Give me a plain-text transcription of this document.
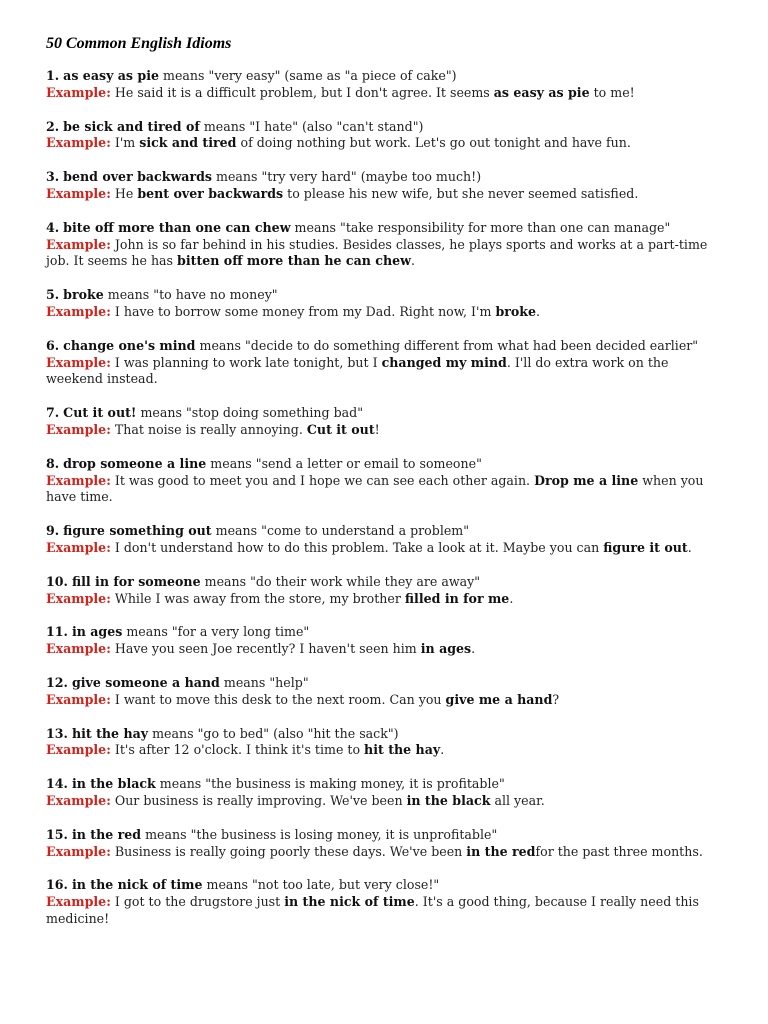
50 Common English Idioms
1. as easy as pie means "very easy" (same as "a piece of cake")
Example: He said it is a difficult problem, but I don't agree. It seems as easy as pie to me!
2. be sick and tired of means "I hate" (also "can't stand")
Example: I'm sick and tired of doing nothing but work. Let's go out tonight and have fun.
3. bend over backwards means "try very hard" (maybe too much!)
Example: He bent over backwards to please his new wife, but she never seemed satisfied.
4. bite off more than one can chew means "take responsibility for more than one can manage"
Example: John is so far behind in his studies. Besides classes, he plays sports and works at a part-time job. It seems he has bitten off more than he can chew.
5. broke means "to have no money"
Example: I have to borrow some money from my Dad. Right now, I'm broke.
6. change one's mind means "decide to do something different from what had been decided earlier"
Example: I was planning to work late tonight, but I changed my mind. I'll do extra work on the weekend instead.
7. Cut it out! means "stop doing something bad"
Example: That noise is really annoying. Cut it out!
8. drop someone a line means "send a letter or email to someone"
Example: It was good to meet you and I hope we can see each other again. Drop me a line when you have time.
9. figure something out means "come to understand a problem"
Example: I don't understand how to do this problem. Take a look at it. Maybe you can figure it out.
10. fill in for someone means "do their work while they are away"
Example: While I was away from the store, my brother filled in for me.
11. in ages means "for a very long time"
Example: Have you seen Joe recently? I haven't seen him in ages.
12. give someone a hand means "help"
Example: I want to move this desk to the next room. Can you give me a hand?
13. hit the hay means "go to bed" (also "hit the sack")
Example: It's after 12 o'clock. I think it's time to hit the hay.
14. in the black means "the business is making money, it is profitable"
Example: Our business is really improving. We've been in the black all year.
15. in the red means "the business is losing money, it is unprofitable"
Example: Business is really going poorly these days. We've been in the redfor the past three months.
16. in the nick of time means "not too late, but very close!"
Example: I got to the drugstore just in the nick of time. It's a good thing, because I really need this medicine!
